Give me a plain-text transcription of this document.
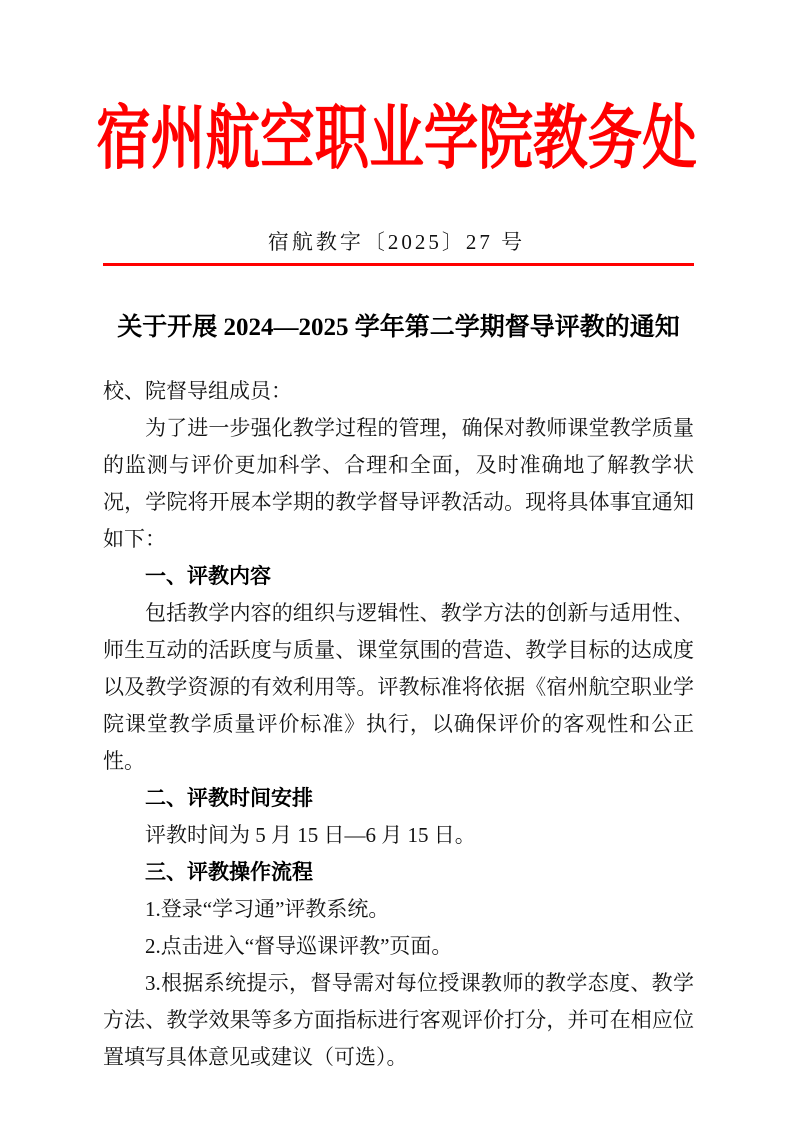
宿州航空职业学院教务处
宿航教字〔2025〕27 号
关于开展 2024—2025 学年第二学期督导评教的通知

校、院督导组成员：

为了进一步强化教学过程的管理，确保对教师课堂教学质量的监测与评价更加科学、合理和全面，及时准确地了解教学状况，学院将开展本学期的教学督导评教活动。现将具体事宜通知如下：

一、评教内容

包括教学内容的组织与逻辑性、教学方法的创新与适用性、师生互动的活跃度与质量、课堂氛围的营造、教学目标的达成度以及教学资源的有效利用等。评教标准将依据《宿州航空职业学院课堂教学质量评价标准》执行，以确保评价的客观性和公正性。

二、评教时间安排

评教时间为 5 月 15 日—6 月 15 日。

三、评教操作流程

1.登录“学习通”评教系统。

2.点击进入“督导巡课评教”页面。

3.根据系统提示，督导需对每位授课教师的教学态度、教学方法、教学效果等多方面指标进行客观评价打分，并可在相应位置填写具体意见或建议（可选）。
